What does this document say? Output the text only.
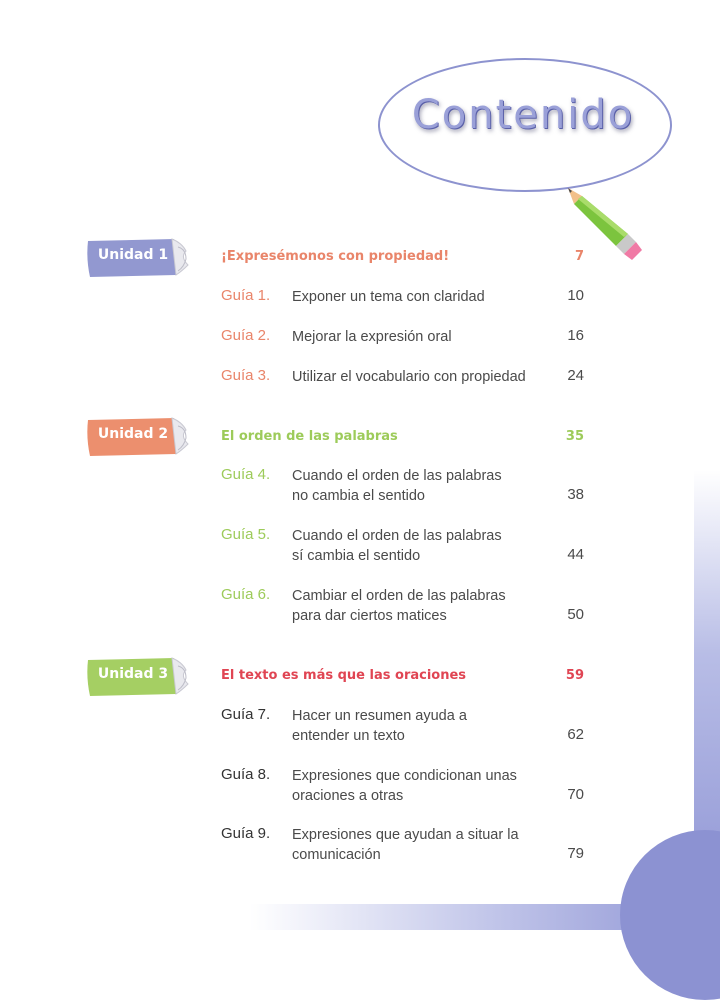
Contenido
Unidad 1	¡Expresémonos con propiedad!	7
Guía 1. Exponer un tema con claridad	10
Guía 2. Mejorar la expresión oral	16
Guía 3. Utilizar el vocabulario con propiedad	24
Unidad 2	El orden de las palabras	35
Guía 4. Cuando el orden de las palabras
no cambia el sentido	38
Guía 5. Cuando el orden de las palabras
sí cambia el sentido	44
Guía 6. Cambiar el orden de las palabras
para dar ciertos matices	50
Unidad 3	El texto es más que las oraciones	59
Guía 7. Hacer un resumen ayuda a
entender un texto	62
Guía 8. Expresiones que condicionan unas
oraciones a otras	70
Guía 9. Expresiones que ayudan a situar la
comunicación	79
